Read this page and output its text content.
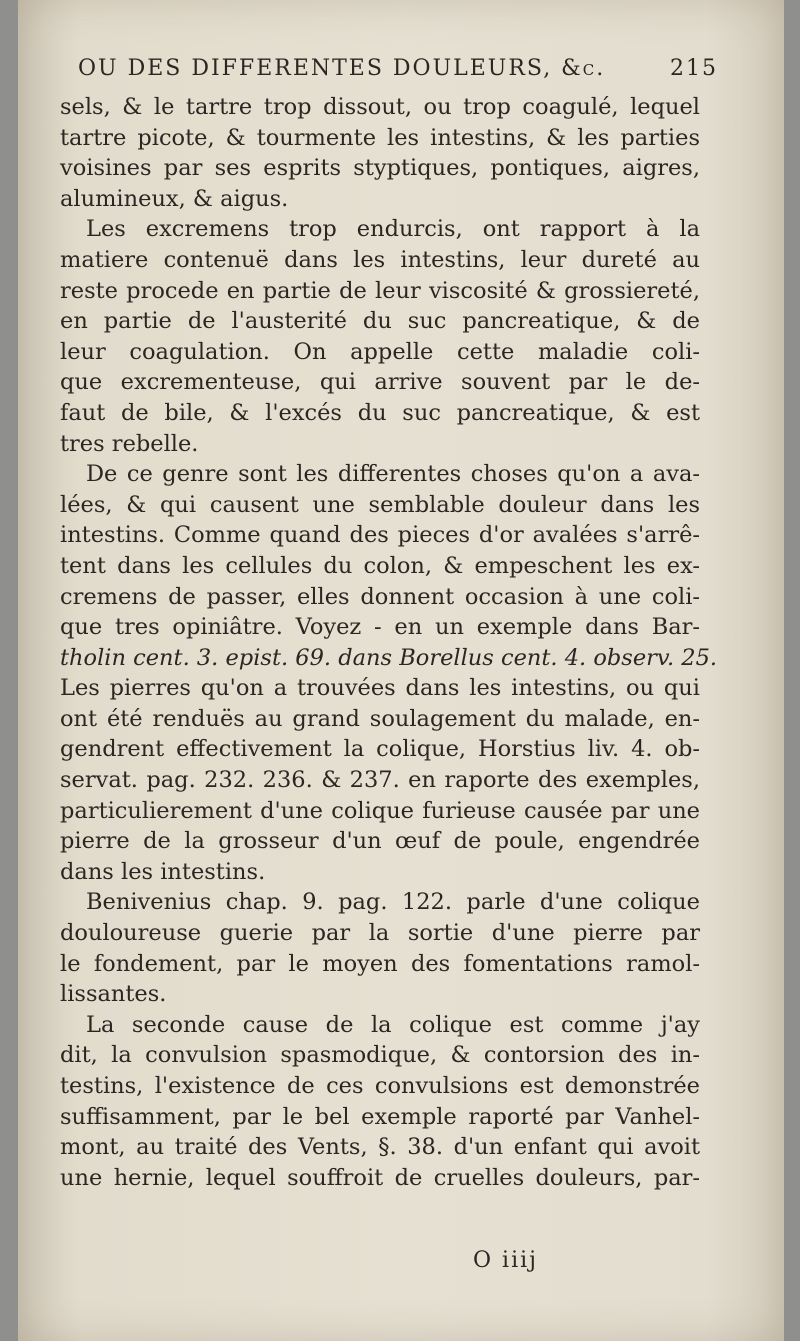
OU DES DIFFERENTES DOULEURS, &c.	215
sels, & le tartre trop dissout, ou trop coagulé, lequel
tartre picote, & tourmente les intestins, & les parties
voisines par ses esprits styptiques, pontiques, aigres,
alumineux, & aigus.
Les excremens trop endurcis, ont rapport à la
matiere contenuë dans les intestins, leur dureté au
reste procede en partie de leur viscosité & grossiereté,
en partie de l'austerité du suc pancreatique, & de
leur coagulation. On appelle cette maladie coli-
que excrementeuse, qui arrive souvent par le de-
faut de bile, & l'excés du suc pancreatique, & est
tres rebelle.
De ce genre sont les differentes choses qu'on a ava-
lées, & qui causent une semblable douleur dans les
intestins. Comme quand des pieces d'or avalées s'arrê-
tent dans les cellules du colon, & empeschent les ex-
cremens de passer, elles donnent occasion à une coli-
que tres opiniâtre. Voyez - en un exemple dans Bar-
tholin cent. 3. epist. 69. dans Borellus cent. 4. observ. 25.
Les pierres qu'on a trouvées dans les intestins, ou qui
ont été renduës au grand soulagement du malade, en-
gendrent effectivement la colique, Horstius liv. 4. ob-
servat. pag. 232. 236. & 237. en raporte des exemples,
particulierement d'une colique furieuse causée par une
pierre de la grosseur d'un œuf de poule, engendrée
dans les intestins.
Benivenius chap. 9. pag. 122. parle d'une colique
douloureuse guerie par la sortie d'une pierre par
le fondement, par le moyen des fomentations ramol-
lissantes.
La seconde cause de la colique est comme j'ay
dit, la convulsion spasmodique, & contorsion des in-
testins, l'existence de ces convulsions est demonstrée
suffisamment, par le bel exemple raporté par Vanhel-
mont, au traité des Vents, §. 38. d'un enfant qui avoit
une hernie, lequel souffroit de cruelles douleurs, par-
O iiij
